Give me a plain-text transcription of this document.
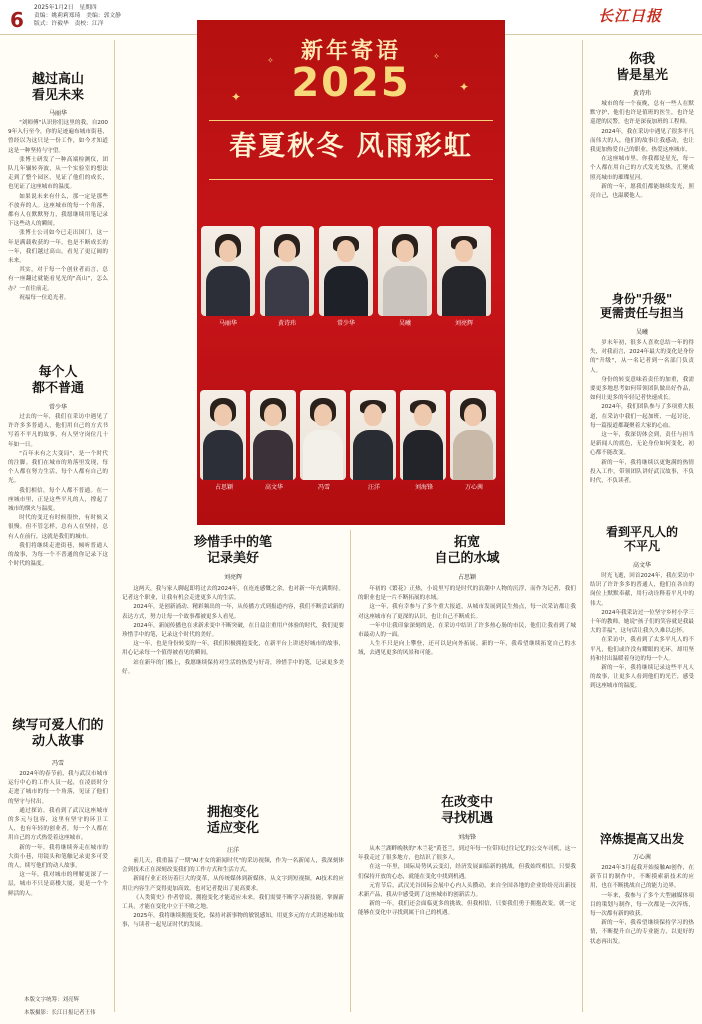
6 2025年1月2日　星期四
责编：姚莉莉郑琦　美编：郭文静
版式：许毅华　责校：江洋	长江日报
✦
✦
✧	✧
新年寄语
2025
春夏秋冬 风雨彩虹
马丽华	黄诗玮	常少华	吴曦	刘亮辉
占思颖	高文华	冯雪	汪洋	刘海锋	万心茜
越过高山
看见未来
马丽华

"刘师傅"认识你们这里的我，自2009年入行至今，你的足迹遍布城市街巷，曾经以为这只是一份工作，如今才知道这是一种坚持与守望。

张博士研发了一种高端检测仪，团队几年辗转奔波，从一个实验室的想法走到了整个园区，见证了他们的成长，也见证了这座城市的温度。

如果说未来有什么，那一定是那些不放弃的人。这座城市的每一个角落，都有人在默默努力，我愿继续用笔记录下这些动人的瞬间。

张博士公司如今已走出国门，这一年是满载收获的一年，也是不断成长的一年，我们越过高山，看见了更辽阔的未来。

其实，对于每一个创业者而言，总有一座翻过就能看见光的"高山"，怎么办？一直往前走。

祝福每一位追光者。

每个人
都不普通
常少华

过去的一年，我们在采访中遇见了许许多多普通人，他们用自己的方式书写着不平凡的故事，有人坚守岗位几十年如一日。

"百年未有之大变局"，是一个时代的注脚。我们在城市的角落里发现，每个人都在努力生活，每个人都有自己的光。

我们相信，每个人都不普通。在一座城市里，正是这些平凡的人，撑起了城市的烟火与温度。

时代的变迁有时候很快，有时候又很慢。但不管怎样，总有人在坚持，总有人在前行，这就是我们的城市。

我们将继续走进街巷，倾听普通人的故事，为每一个不普通的你记录下这个时代的温度。

续写可爱人们的
动人故事
冯雪

2024年的春节前，我与武汉市城市运行中心的工作人员一起，在凌晨时分走进了城市的每一个角落，见证了他们的坚守与付出。

通过探访，我看到了武汉这座城市的多元与包容，这里有坚守的环卫工人，也有年轻的创业者，每一个人都在用自己的方式热爱着这座城市。

新的一年，我将继续奔走在城市的大街小巷，用镜头和笔触记录更多可爱的人，续写他们的动人故事。

这一年，我对城市的理解更深了一层，城市不只是高楼大厦，更是一个个鲜活的人。

本版文字统筹：刘亮辉
本版摄影：长江日报记者王伟
珍惜手中的笔
记录美好
刘亮辉

这两天，我与家人聊起即将过去的2024年，在连连感慨之余，也对新一年充满期待。记者这个职业，让我有机会走进更多人的生活。

2024年，是创新涌动、精彩频出的一年，从传播方式到报道内容，我们不断尝试新的表达方式，努力让每一个故事都被更多人看见。

2024年，新闻传播也在求新求变中不断突破，在日益注重用户体验的时代，我们更要珍惜手中的笔，记录这个时代的美好。

这一年，也是身份转变的一年。我们积极拥抱变化，在新平台上讲述好城市的故事，用心记录每一个值得被看见的瞬间。

站在新年的门槛上，我愿继续保持对生活的热爱与好奇，珍惜手中的笔，记录更多美好。

拥抱变化
适应变化
汪洋

前几天，我重温了一期"AI才女的新闻时代"的采访视频，作为一名新闻人，我深刻体会到技术正在深刻改变我们的工作方式和生活方式。

新闻行业正经历着巨大的变革，从传统媒体到新媒体，从文字到短视频，AI技术的应用让内容生产变得更加高效，也对记者提出了更高要求。

《人类简史》作者曾说，拥抱变化才能适应未来。我们需要不断学习新技能，掌握新工具，才能在变化中立于不败之地。

2025年，我将继续拥抱变化，保持对新事物的敏锐感知，用更多元的方式讲述城市故事，与读者一起见证时代的发展。

拓宽
自己的水域
占思颖

年初的《繁花》正热，小说里写的是时代的浪潮中人物的沉浮，而作为记者，我们的职业也是一片不断拓展的水域。

这一年，我有幸参与了多个重大报道，从城市发展到民生热点，每一次采访都让我对这座城市有了更深的认识，也让自己不断成长。

一年中让我印象深刻的是，在采访中结识了许多热心肠的市民，他们让我看到了城市最动人的一面。

人生不只是向上攀登，还可以是向外拓展。新的一年，我希望继续拓宽自己的水域，去遇见更多的风景和可能。

在改变中
寻找机遇
刘海锋

从木兰湖畔晚秋的"木兰花"黄苍兰，到过年每一位带回过往记忆的公交车司机，这一年我走过了很多地方，也结识了很多人。

在这一年里，国际局势风云变幻，经济发展面临新的挑战，但我始终相信，只要我们保持开放的心态，就能在变化中找到机遇。

元宵节后，武汉光谷国际会展中心内人头攒动，来自全国各地的企业纷纷亮出新技术新产品，我从中感受到了这座城市的创新活力。

新的一年，我们还会面临更多的挑战，但我相信，只要我们勇于拥抱改变，就一定能够在变化中寻找到属于自己的机遇。

你我
皆是星光
黄诗玮

城市的每一个夜晚，总有一些人在默默守护，他们也许是值班的医生，也许是巡逻的民警，也许是深夜加班的工程师。

2024年，我在采访中遇见了很多平凡而伟大的人，他们的故事让我感动，也让我更加热爱自己的职业，热爱这座城市。

在这座城市里，你我都是星光，每一个人都在用自己的方式发光发热，汇聚成照亮城市的璀璨星河。

新的一年，愿我们都能继续发光，照亮自己，也温暖他人。

身份"升级"
更需责任与担当
吴曦

岁末年初，很多人喜欢总结一年的得失，对我而言，2024年最大的变化是身份的"升级"，从一名记者到一名部门负责人。

身份的转变意味着责任的加重，我需要更多地思考如何带领团队做出好作品，如何让更多的年轻记者快速成长。

2024年，我们团队参与了多项重大报道，在采访中我们一起加班、一起讨论，每一篇报道都凝聚着大家的心血。

这一年，我深切体会到，责任与担当是新闻人的底色，无论身份如何变化，初心都不能改变。

新的一年，我将继续以更饱满的热情投入工作，带领团队讲好武汉故事，不负时代，不负读者。

看到平凡人的
不平凡
高文华

时光飞逝，回首2024年，我在采访中结识了许许多多的普通人，他们在各自的岗位上默默奉献，用行动诠释着平凡中的伟大。

2024年我采访过一位坚守乡村小学三十年的教师，她说"孩子们的笑容就是我最大的幸福"，这句话让我久久难以忘怀。

在采访中，我看到了太多平凡人的不平凡，他们或许没有耀眼的光环，却用坚持和付出温暖着身边的每一个人。

新的一年，我将继续记录这些平凡人的故事，让更多人看到他们的光芒，感受到这座城市的温度。

淬炼提高又出发
万心茜

2024年3月起我开始接触AI创作，在新节目的制作中，不断摸索新技术的应用，也在不断挑战自己的能力边界。

一年来，我参与了多个大型融媒体项目的策划与制作，每一次都是一次淬炼，每一次都有新的收获。

新的一年，我希望继续保持学习的热情，不断提升自己的专业能力，以更好的状态再出发。
